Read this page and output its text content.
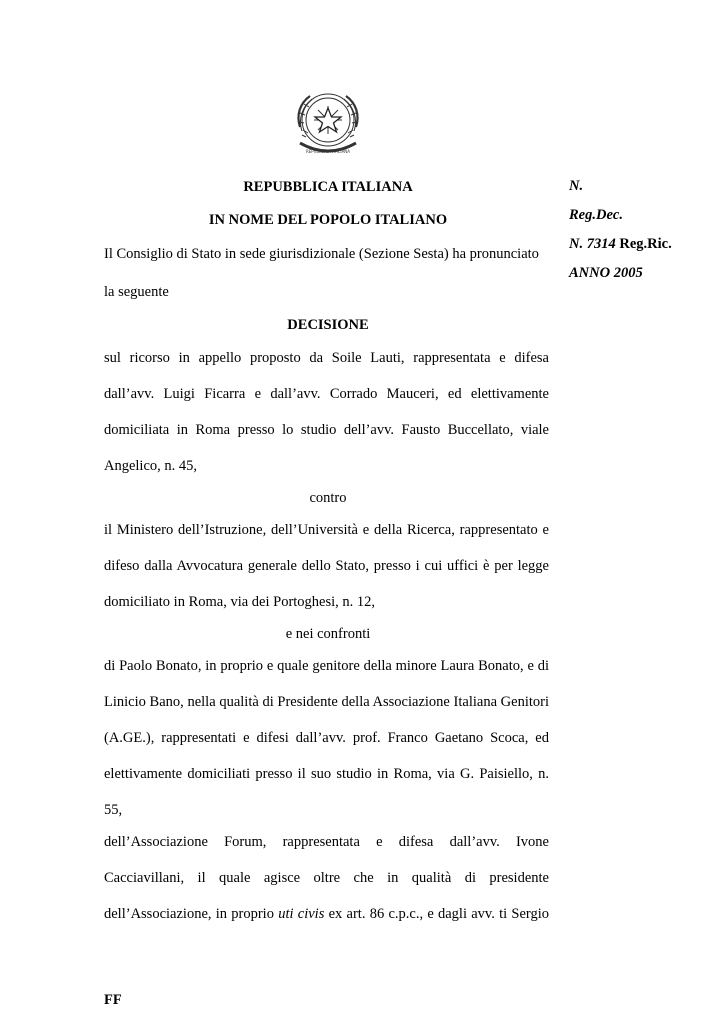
REPVBBLICA ITALIANA
REPUBBLICA ITALIANA
IN NOME DEL POPOLO ITALIANO
N.
Reg.Dec.
N. 7314 Reg.Ric.
ANNO 2005
Il Consiglio di Stato in sede giurisdizionale (Sezione Sesta) ha pronunciato
la seguente
DECISIONE
sul ricorso in appello proposto da Soile Lauti, rappresentata e difesa
dall’avv. Luigi Ficarra e dall’avv. Corrado Mauceri, ed elettivamente
domiciliata in Roma presso lo studio dell’avv. Fausto Buccellato, viale
Angelico, n. 45,
contro
il Ministero dell’Istruzione, dell’Università e della Ricerca, rappresentato e
difeso dalla Avvocatura generale dello Stato, presso i cui uffici è per legge
domiciliato in Roma, via dei Portoghesi, n. 12,
e nei confronti
di Paolo Bonato, in proprio e quale genitore della minore Laura Bonato, e di
Linicio Bano, nella qualità di Presidente della Associazione Italiana Genitori
(A.GE.), rappresentati e difesi dall’avv. prof. Franco Gaetano Scoca, ed
elettivamente domiciliati presso il suo studio in Roma, via G. Paisiello, n.
55,
dell’Associazione Forum, rappresentata e difesa dall’avv. Ivone
Cacciavillani, il quale agisce oltre che in qualità di presidente
dell’Associazione, in proprio uti civis ex art. 86 c.p.c., e dagli avv. ti Sergio
FF
